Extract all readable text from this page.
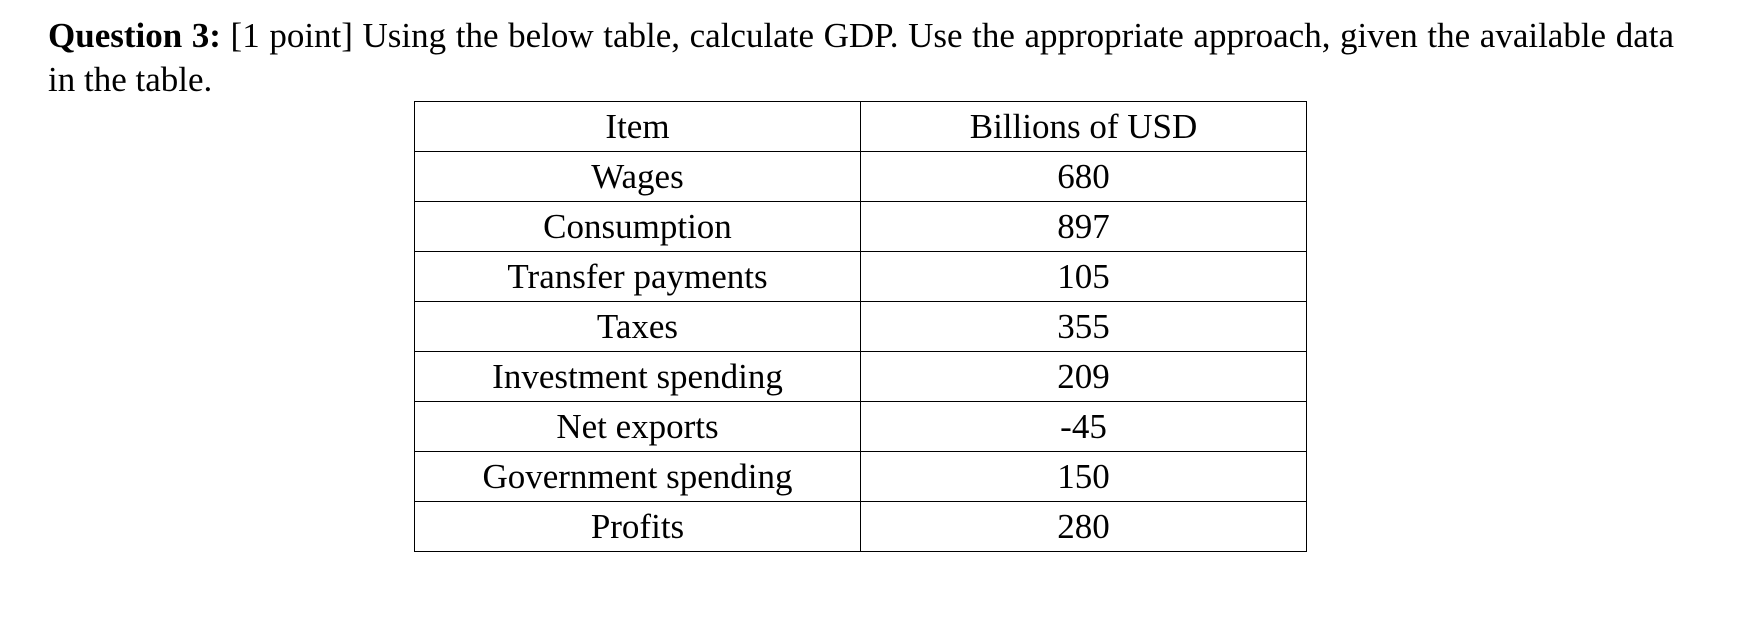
Question 3: [1 point] Using the below table, calculate GDP. Use the appropriate approach, given the available data in the table.
Item	Billions of USD
Wages	680
Consumption	897
Transfer payments	105
Taxes	355
Investment spending	209
Net exports	-45
Government spending	150
Profits	280
